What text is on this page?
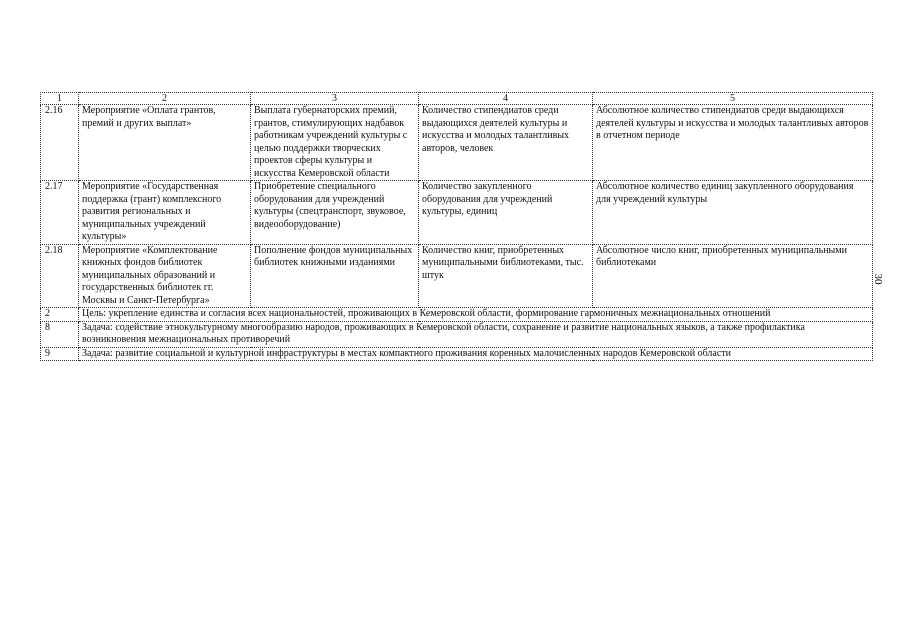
1	2	3	4	5
2.16	Мероприятие «Оплата грантов, премий и других выплат»	Выплата губернаторских премий, грантов, стимулирующих надбавок работникам учреждений культуры с целью поддержки творческих проектов сферы культуры и искусства Кемеровской области	Количество стипендиатов среди выдающихся деятелей культуры и искусства и молодых талантливых авторов, человек	Абсолютное количество стипендиатов среди выдающихся деятелей культуры и искусства и молодых талантливых авторов в отчетном периоде
2.17	Мероприятие «Государственная поддержка (грант) комплексного развития региональных и муниципальных учреждений культуры»	Приобретение специального оборудования для учреждений культуры (спецтранспорт, звуковое, видеооборудование)	Количество закупленного оборудования для учреждений культуры, единиц	Абсолютное количество единиц закупленного оборудования для учреждений культуры
2.18	Мероприятие «Комплектование книжных фондов библиотек муниципальных образований и государственных библиотек гг. Москвы и Санкт-Петербурга»	Пополнение фондов муниципальных библиотек книжными изданиями	Количество книг, приобретенных муниципальными библиотеками, тыс. штук	Абсолютное число книг, приобретенных муниципальными библиотеками
2	Цель: укрепление единства и согласия всех национальностей, проживающих в Кемеровской области, формирование гармоничных межнациональных отношений			
8	Задача: содействие этнокультурному многообразию народов, проживающих в Кемеровской области, сохранение и развитие национальных языков, а также профилактика возникновения межнациональных противоречий			
9	Задача: развитие социальной и культурной инфраструктуры в местах компактного проживания коренных малочисленных народов Кемеровской области			
30
